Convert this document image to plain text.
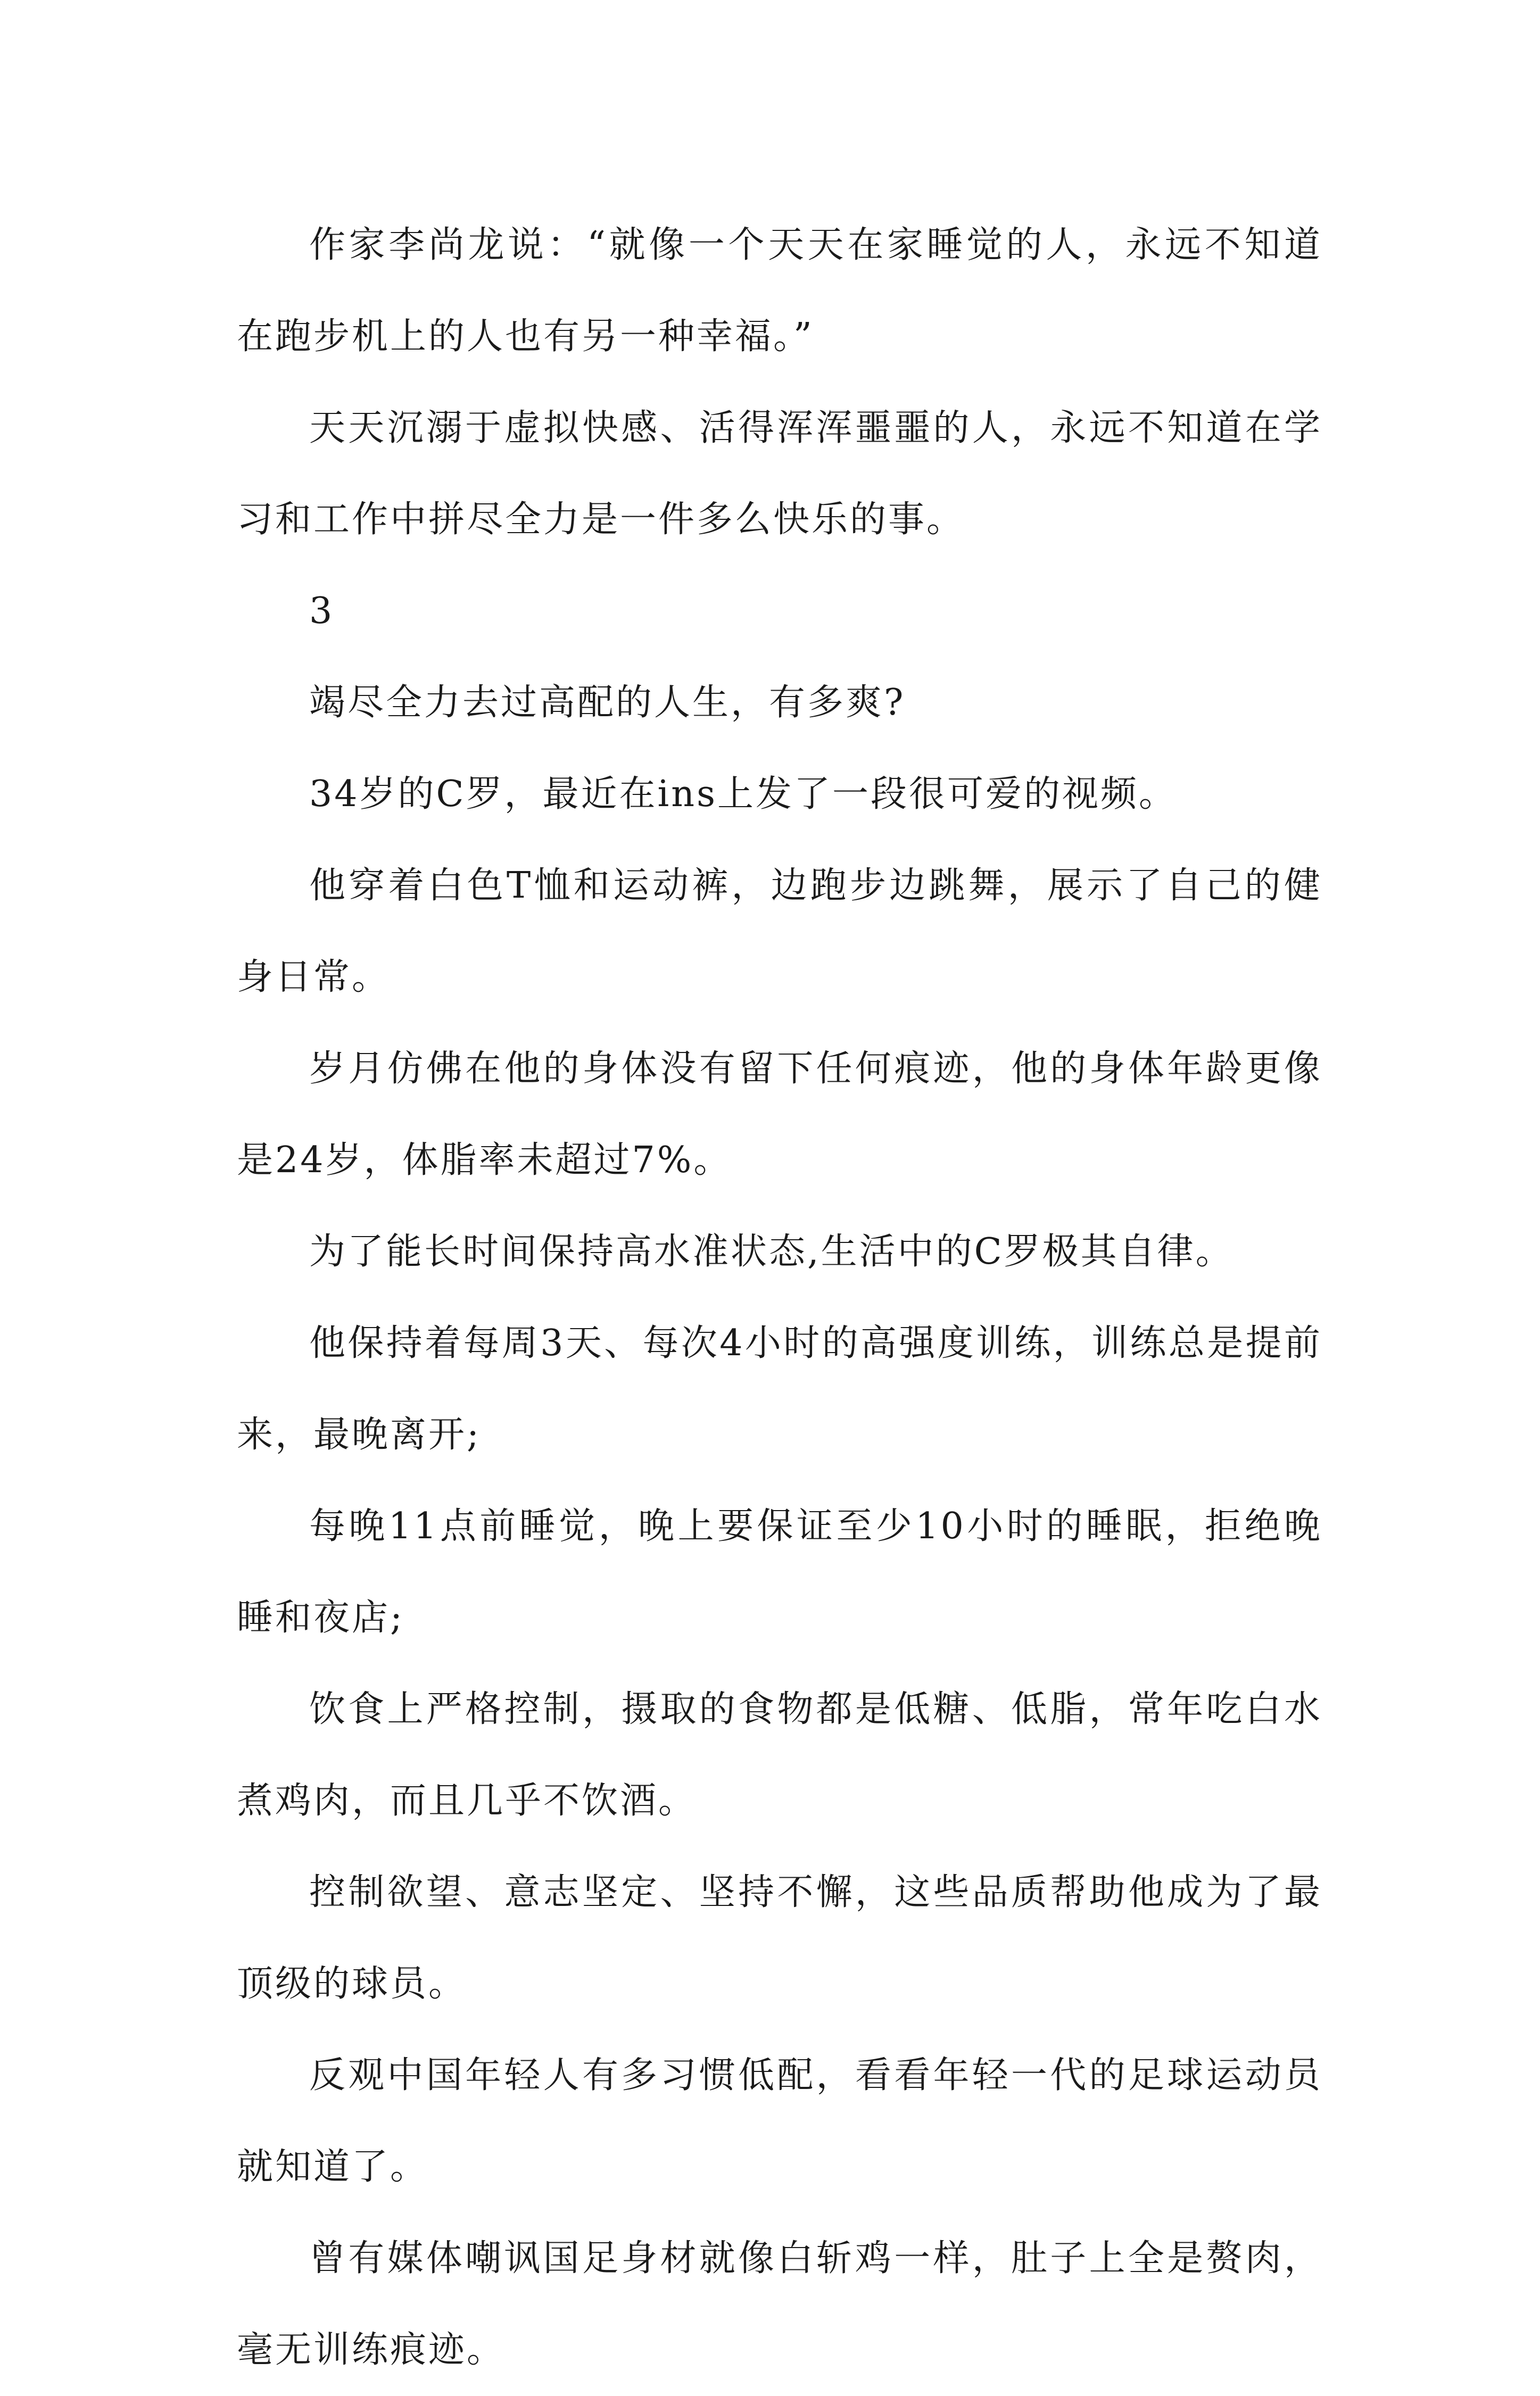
作家李尚龙说：“就像一个天天在家睡觉的人，永远不知道在跑步机上的人也有另一种幸福。”

天天沉溺于虚拟快感、活得浑浑噩噩的人，永远不知道在学习和工作中拼尽全力是一件多么快乐的事。

3

竭尽全力去过高配的人生，有多爽?

34岁的C罗，最近在ins上发了一段很可爱的视频。

他穿着白色T恤和运动裤，边跑步边跳舞，展示了自己的健身日常。

岁月仿佛在他的身体没有留下任何痕迹，他的身体年龄更像是24岁，体脂率未超过7%。

为了能长时间保持高水准状态,生活中的C罗极其自律。

他保持着每周3天、每次4小时的高强度训练，训练总是提前来，最晚离开;

每晚11点前睡觉，晚上要保证至少10小时的睡眠，拒绝晚睡和夜店;

饮食上严格控制，摄取的食物都是低糖、低脂，常年吃白水煮鸡肉，而且几乎不饮酒。

控制欲望、意志坚定、坚持不懈，这些品质帮助他成为了最顶级的球员。

反观中国年轻人有多习惯低配，看看年轻一代的足球运动员就知道了。

曾有媒体嘲讽国足身材就像白斩鸡一样，肚子上全是赘肉，毫无训练痕迹。
